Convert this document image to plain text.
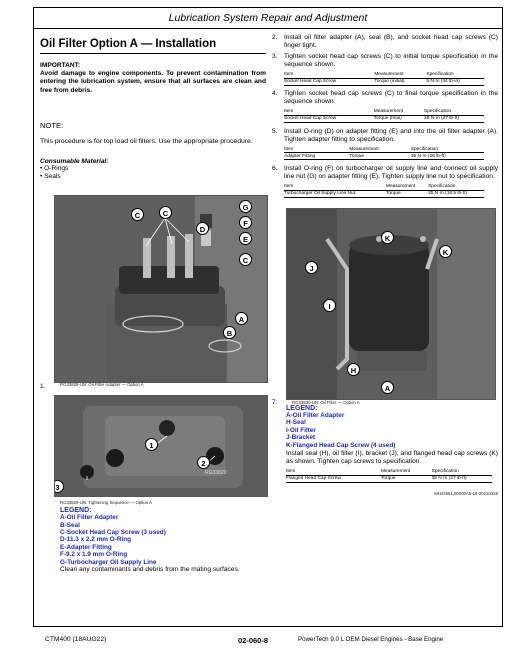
Lubrication System Repair and Adjustment
Oil Filter Option A — Installation
IMPORTANT:
Avoid damage to engine components. To prevent contamination from entering the lubrication system, ensure that all surfaces are clean and free from debris.
NOTE:
This procedure is for top load oil filters. Use the appropriate procedure.
Consumable Material:
• O-Rings
• Seals
1.
G
F
C	C
D
E
C
A
B
RG33828-UN: Oil Filter Adapter — Option A
RG33829
1
2
3
RG33829-UN: Tightening Sequence — Option A
LEGEND:
A-Oil Filter Adapter
B-Seal
C-Socket Head Cap Screw (3 used)
D-11.3 x 2.2 mm O-Ring
E-Adapter Fitting
F-9.2 x 1.9 mm O-Ring
G-Turbocharger Oil Supply Line
Clean any contaminants and debris from the mating surfaces.
2. Install oil filter adapter (A), seal (B), and socket head cap screws (C) finger tight.
3. Tighten socket head cap screws (C) to initial torque specification in the sequence shown.
Item	Measurement	Specification
Socket Head Cap Screw	Torque (initial)	5 N·m (44 lb-in)
4. Tighten socket head cap screws (C) to final torque specification in the sequence shown.
Item	Measurement	Specification
Socket Head Cap Screw	Torque (final)	38 N·m (27 lb-ft)
5. Install O-ring (D) on adapter fitting (E) and into the oil filter adapter (A). Tighten adapter fitting to specification.
Item	Measurement	Specification
Adapter Fitting	Torque	35 N·m (26 lb-ft)
6. Install O-ring (F) on turbocharger oil supply line and connect oil supply line nut (G) on adapter fitting (E). Tighten supply line nut to specification.
Item	Measurement	Specification
Turbocharger Oil Supply Line Nut	Torque	25 N·m (18.5 lb-ft)
K
K
J
I
H
A
7.	RG33830-UN: Oil Filter — Option A
LEGEND:
A-Oil Filter Adapter
H-Seal
I-Oil Filter
J-Bracket
K-Flanged Head Cap Screw (4 used)
Install seal (H), oil filter (I), bracket (J), and flanged head cap screws (K) as shown. Tighten cap screws to specification.
Item	Measurement	Specification
Flanged Head Cap Screw	Torque	38 N·m (27 lb-ft)
MH42591,00000A5-19-20210325
CTM400 (18AUG22)	02-060-8	PowerTech 9.0 L OEM Diesel Engines - Base Engine
